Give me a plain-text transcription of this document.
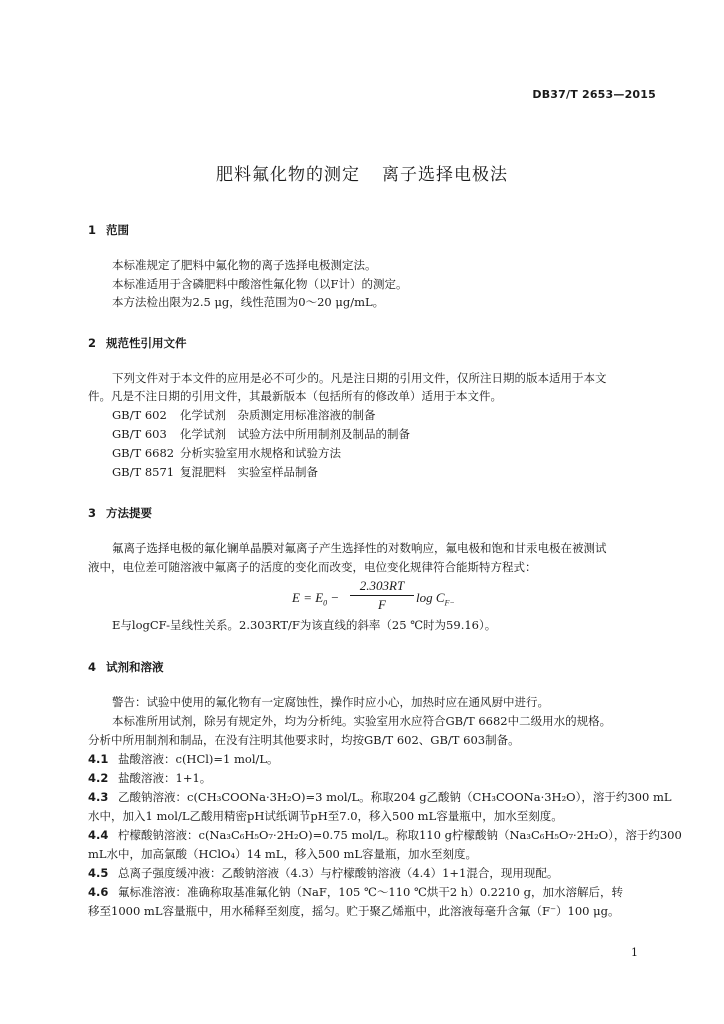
DB37/T 2653—2015
肥料氟化物的测定 离子选择电极法
1 范围
本标准规定了肥料中氟化物的离子选择电极测定法。
本标准适用于含磷肥料中酸溶性氟化物（以F计）的测定。
本方法检出限为2.5 μg，线性范围为0～20 μg/mL。
2 规范性引用文件
下列文件对于本文件的应用是必不可少的。凡是注日期的引用文件，仅所注日期的版本适用于本文
件。凡是不注日期的引用文件，其最新版本（包括所有的修改单）适用于本文件。
GB/T 602 化学试剂　杂质测定用标准溶液的制备
GB/T 603 化学试剂　试验方法中所用制剂及制品的制备
GB/T 6682 分析实验室用水规格和试验方法
GB/T 8571 复混肥料　实验室样品制备
3 方法提要
氟离子选择电极的氟化镧单晶膜对氟离子产生选择性的对数响应，氟电极和饱和甘汞电极在被测试
液中，电位差可随溶液中氟离子的活度的变化而改变，电位变化规律符合能斯特方程式：
$E = E_0 - \frac{2.303RT}{F}$ $\log C_{F-}$
E与logCF-呈线性关系。2.303RT/F为该直线的斜率（25 ℃时为59.16）。
4 试剂和溶液
警告：试验中使用的氟化物有一定腐蚀性，操作时应小心，加热时应在通风厨中进行。
本标准所用试剂，除另有规定外，均为分析纯。实验室用水应符合GB/T 6682中二级用水的规格。
分析中所用制剂和制品，在没有注明其他要求时，均按GB/T 602、GB/T 603制备。
4.1 盐酸溶液：c(HCl)=1 mol/L。
4.2 盐酸溶液：1+1。
4.3 乙酸钠溶液：c(CH₃COONa·3H₂O)=3 mol/L。称取204 g乙酸钠（CH₃COONa·3H₂O），溶于约300 mL
水中，加入1 mol/L乙酸用精密pH试纸调节pH至7.0，移入500 mL容量瓶中，加水至刻度。
4.4 柠檬酸钠溶液：c(Na₃C₆H₅O₇·2H₂O)=0.75 mol/L。称取110 g柠檬酸钠（Na₃C₆H₅O₇·2H₂O），溶于约300
mL水中，加高氯酸（HClO₄）14 mL，移入500 mL容量瓶，加水至刻度。
4.5 总离子强度缓冲液：乙酸钠溶液（4.3）与柠檬酸钠溶液（4.4）1+1混合，现用现配。
4.6 氟标准溶液：准确称取基准氟化钠（NaF，105 ℃～110 ℃烘干2 h）0.2210 g，加水溶解后，转
移至1000 mL容量瓶中，用水稀释至刻度，摇匀。贮于聚乙烯瓶中，此溶液每毫升含氟（F⁻）100 μg。
1
